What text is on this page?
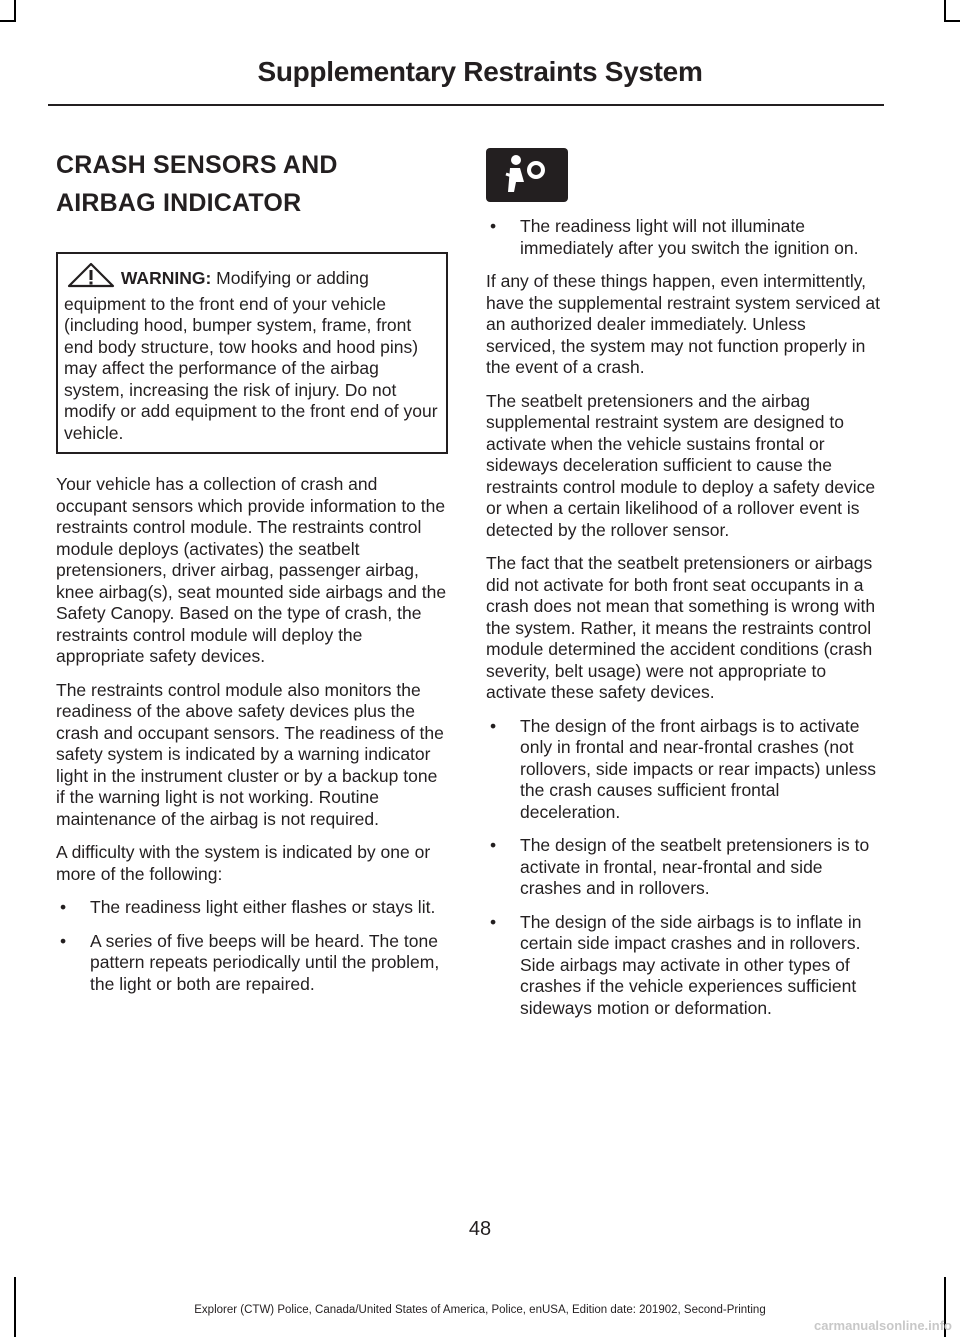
Supplementary Restraints System
CRASH SENSORS AND
AIRBAG INDICATOR
WARNING: Modifying or adding equipment to the front end of your vehicle (including hood, bumper system, frame, front end body structure, tow hooks and hood pins) may affect the performance of the airbag system, increasing the risk of injury. Do not modify or add equipment to the front end of your vehicle.

Your vehicle has a collection of crash and occupant sensors which provide information to the restraints control module. The restraints control module deploys (activates) the seatbelt pretensioners, driver airbag, passenger airbag, knee airbag(s), seat mounted side airbags and the Safety Canopy. Based on the type of crash, the restraints control module will deploy the appropriate safety devices.

The restraints control module also monitors the readiness of the above safety devices plus the crash and occupant sensors. The readiness of the safety system is indicated by a warning indicator light in the instrument cluster or by a backup tone if the warning light is not working. Routine maintenance of the airbag is not required.

A difficulty with the system is indicated by one or more of the following:

• The readiness light either flashes or stays lit.
• A series of five beeps will be heard. The tone pattern repeats periodically until the problem, the light or both are repaired.
• The readiness light will not illuminate immediately after you switch the ignition on.

If any of these things happen, even intermittently, have the supplemental restraint system serviced at an authorized dealer immediately. Unless serviced, the system may not function properly in the event of a crash.

The seatbelt pretensioners and the airbag supplemental restraint system are designed to activate when the vehicle sustains frontal or sideways deceleration sufficient to cause the restraints control module to deploy a safety device or when a certain likelihood of a rollover event is detected by the rollover sensor.

The fact that the seatbelt pretensioners or airbags did not activate for both front seat occupants in a crash does not mean that something is wrong with the system. Rather, it means the restraints control module determined the accident conditions (crash severity, belt usage) were not appropriate to activate these safety devices.

• The design of the front airbags is to activate only in frontal and near-frontal crashes (not rollovers, side impacts or rear impacts) unless the crash causes sufficient frontal deceleration.
• The design of the seatbelt pretensioners is to activate in frontal, near-frontal and side crashes and in rollovers.
• The design of the side airbags is to inflate in certain side impact crashes and in rollovers. Side airbags may activate in other types of crashes if the vehicle experiences sufficient sideways motion or deformation.
48
Explorer (CTW) Police, Canada/United States of America, Police, enUSA, Edition date: 201902, Second-Printing
carmanualsonline.info
